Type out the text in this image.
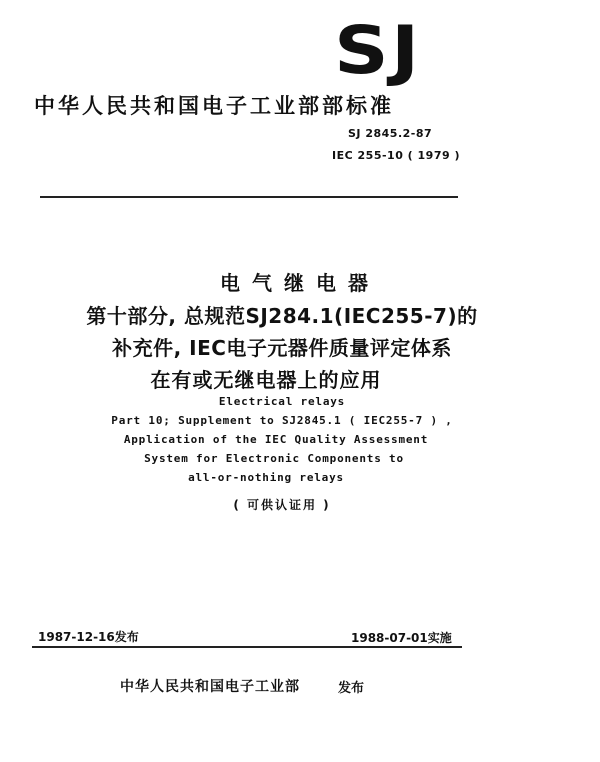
SJ
中华人民共和国电子工业部部标准
SJ 2845.2-87
IEC 255-10 ( 1979 )
电气继电器
第十部分, 总规范SJ284.1(IEC255-7)的
补充件, IEC电子元器件质量评定体系
在有或无继电器上的应用
Electrical relays
Part 10; Supplement to SJ2845.1 ( IEC255-7 ) ,
Application of the IEC Quality Assessment
System for Electronic Components to
all-or-nothing relays
( 可供认证用 )
1987-12-16发布	1988-07-01实施
中华人民共和国电子工业部	发布
